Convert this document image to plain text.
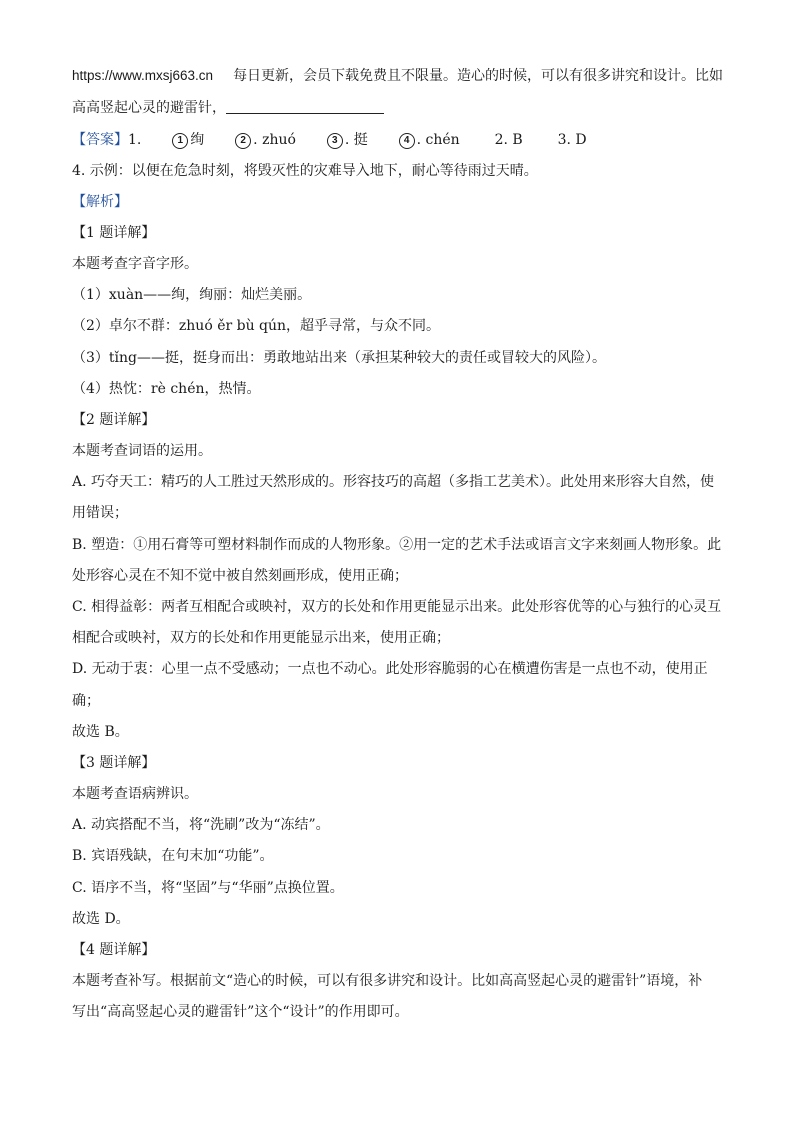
https://www.mxsj663.cn 每日更新，会员下载免费且不限量。造心的时候，可以有很多讲究和设计。比如
高高竖起心灵的避雷针，
【答案】1.	1 绚	2 . zhuó	3 . 挺	4 . chén 2. B 3. D
4. 示例：以便在危急时刻，将毁灭性的灾难导入地下，耐心等待雨过天晴。
【解析】
【1 题详解】
本题考查字音字形。
（1）xuàn——绚，绚丽：灿烂美丽。
（2）卓尔不群：zhuó ěr bù qún，超乎寻常，与众不同。
（3）tǐng——挺，挺身而出：勇敢地站出来（承担某种较大的责任或冒较大的风险）。
（4）热忱：rè chén，热情。
【2 题详解】
本题考查词语的运用。
A. 巧夺天工：精巧的人工胜过天然形成的。形容技巧的高超（多指工艺美术）。此处用来形容大自然，使
用错误；
B. 塑造：①用石膏等可塑材料制作而成的人物形象。②用一定的艺术手法或语言文字来刻画人物形象。此
处形容心灵在不知不觉中被自然刻画形成，使用正确；
C. 相得益彰：两者互相配合或映衬，双方的长处和作用更能显示出来。此处形容优等的心与独行的心灵互
相配合或映衬，双方的长处和作用更能显示出来，使用正确；
D. 无动于衷：心里一点不受感动；一点也不动心。此处形容脆弱的心在横遭伤害是一点也不动，使用正
确；
故选 B。
【3 题详解】
本题考查语病辨识。
A. 动宾搭配不当，将“洗刷”改为“冻结”。
B. 宾语残缺，在句末加“功能”。
C. 语序不当，将“坚固”与“华丽”点换位置。
故选 D。
【4 题详解】
本题考查补写。根据前文“造心的时候，可以有很多讲究和设计。比如高高竖起心灵的避雷针”语境，补
写出“高高竖起心灵的避雷针”这个“设计”的作用即可。
